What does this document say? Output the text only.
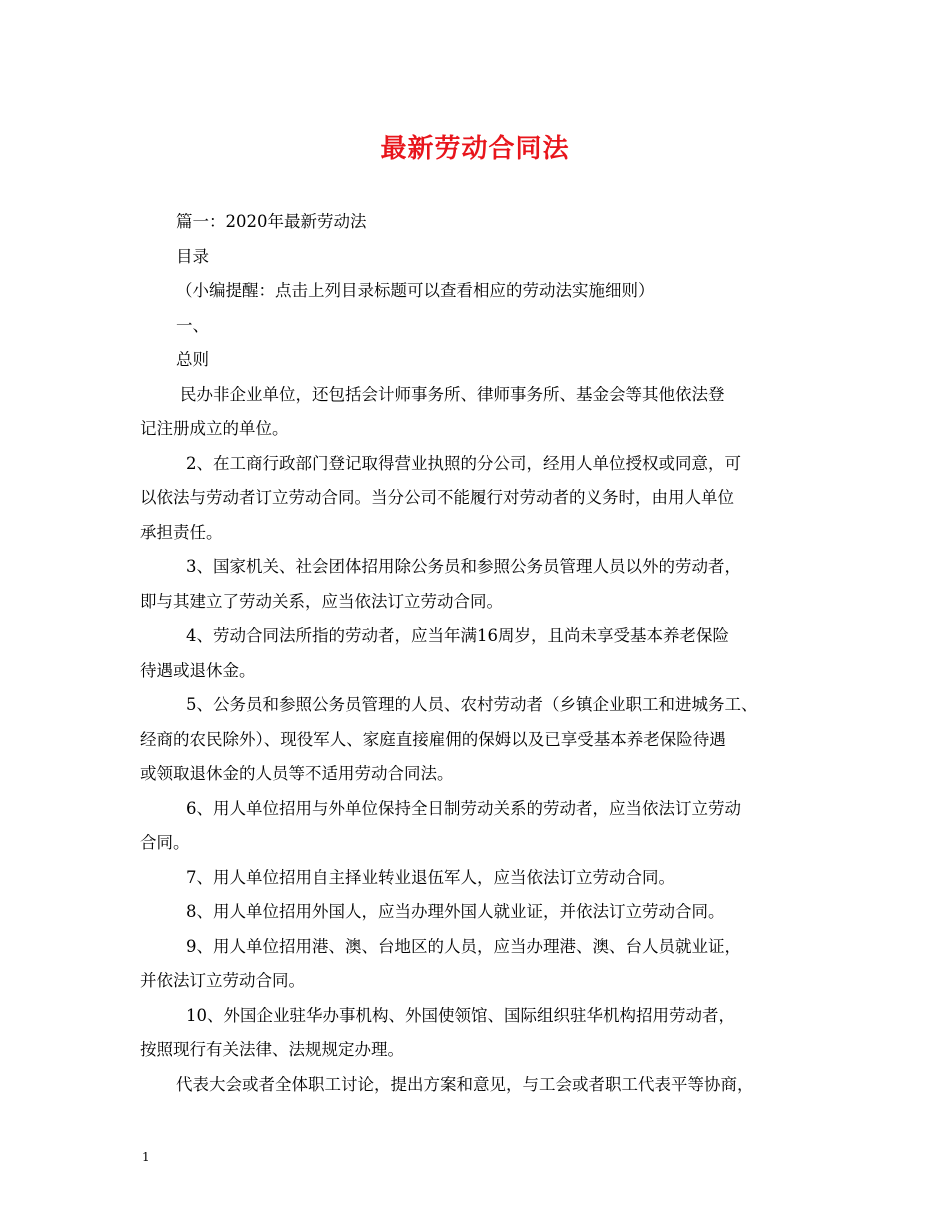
最新劳动合同法
篇一：2020年最新劳动法
目录
（小编提醒：点击上列目录标题可以查看相应的劳动法实施细则）
一、
总则
民办非企业单位，还包括会计师事务所、律师事务所、基金会等其他依法登
记注册成立的单位。
2、在工商行政部门登记取得营业执照的分公司，经用人单位授权或同意，可
以依法与劳动者订立劳动合同。当分公司不能履行对劳动者的义务时，由用人单位
承担责任。
3、国家机关、社会团体招用除公务员和参照公务员管理人员以外的劳动者，
即与其建立了劳动关系，应当依法订立劳动合同。
4、劳动合同法所指的劳动者，应当年满16周岁，且尚未享受基本养老保险
待遇或退休金。
5、公务员和参照公务员管理的人员、农村劳动者（乡镇企业职工和进城务工、
经商的农民除外）、现役军人、家庭直接雇佣的保姆以及已享受基本养老保险待遇
或领取退休金的人员等不适用劳动合同法。
6、用人单位招用与外单位保持全日制劳动关系的劳动者，应当依法订立劳动
合同。
7、用人单位招用自主择业转业退伍军人，应当依法订立劳动合同。
8、用人单位招用外国人，应当办理外国人就业证，并依法订立劳动合同。
9、用人单位招用港、澳、台地区的人员，应当办理港、澳、台人员就业证，
并依法订立劳动合同。
10、外国企业驻华办事机构、外国使领馆、国际组织驻华机构招用劳动者，
按照现行有关法律、法规规定办理。
代表大会或者全体职工讨论，提出方案和意见，与工会或者职工代表平等协商，
1
